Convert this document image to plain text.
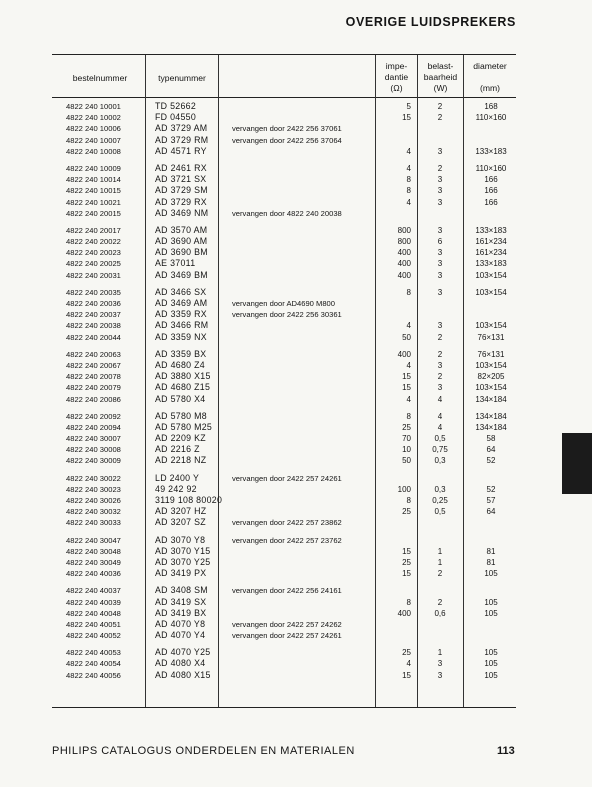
OVERIGE LUIDSPREKERS
bestelnummer	typenummer
impe-
dantie
(Ω)
belast-
baarheid
(W)
diameter
(mm)
4822 240 10001	TD 52662	5	2	168
4822 240 10002	FD 04550	15	2	110×160
4822 240 10006	AD 3729 AM	vervangen door 2422 256 37061
4822 240 10007	AD 3729 RM	vervangen door 2422 256 37064
4822 240 10008	AD 4571 RY	4	3	133×183
4822 240 10009	AD 2461 RX	4	2	110×160
4822 240 10014	AD 3721 SX	8	3	166
4822 240 10015	AD 3729 SM	8	3	166
4822 240 10021	AD 3729 RX	4	3	166
4822 240 20015	AD 3469 NM	vervangen door 4822 240 20038
4822 240 20017	AD 3570 AM	800	3	133×183
4822 240 20022	AD 3690 AM	800	6	161×234
4822 240 20023	AD 3690 BM	400	3	161×234
4822 240 20025	AE 37011	400	3	133×183
4822 240 20031	AD 3469 BM	400	3	103×154
4822 240 20035	AD 3466 SX	8	3	103×154
4822 240 20036	AD 3469 AM	vervangen door AD4690 M800
4822 240 20037	AD 3359 RX	vervangen door 2422 256 30361
4822 240 20038	AD 3466 RM	4	3	103×154
4822 240 20044	AD 3359 NX	50	2	76×131
4822 240 20063	AD 3359 BX	400	2	76×131
4822 240 20067	AD 4680 Z4	4	3	103×154
4822 240 20078	AD 3880 X15	15	2	82×205
4822 240 20079	AD 4680 Z15	15	3	103×154
4822 240 20086	AD 5780 X4	4	4	134×184
4822 240 20092	AD 5780 M8	8	4	134×184
4822 240 20094	AD 5780 M25	25	4	134×184
4822 240 30007	AD 2209 KZ	70	0,5	58
4822 240 30008	AD 2216 Z	10	0,75	64
4822 240 30009	AD 2218 NZ	50	0,3	52
4822 240 30022	LD 2400 Y	vervangen door 2422 257 24261
4822 240 30023	49 242 92	100	0,3	52
4822 240 30026	3119 108 80020	8	0,25	57
4822 240 30032	AD 3207 HZ	25	0,5	64
4822 240 30033	AD 3207 SZ	vervangen door 2422 257 23862
4822 240 30047	AD 3070 Y8	vervangen door 2422 257 23762
4822 240 30048	AD 3070 Y15	15	1	81
4822 240 30049	AD 3070 Y25	25	1	81
4822 240 40036	AD 3419 PX	15	2	105
4822 240 40037	AD 3408 SM	vervangen door 2422 256 24161
4822 240 40039	AD 3419 SX	8	2	105
4822 240 40048	AD 3419 BX	400	0,6	105
4822 240 40051	AD 4070 Y8	vervangen door 2422 257 24262
4822 240 40052	AD 4070 Y4	vervangen door 2422 257 24261
4822 240 40053	AD 4070 Y25	25	1	105
4822 240 40054	AD 4080 X4	4	3	105
4822 240 40056	AD 4080 X15	15	3	105
PHILIPS CATALOGUS ONDERDELEN EN MATERIALEN	113
